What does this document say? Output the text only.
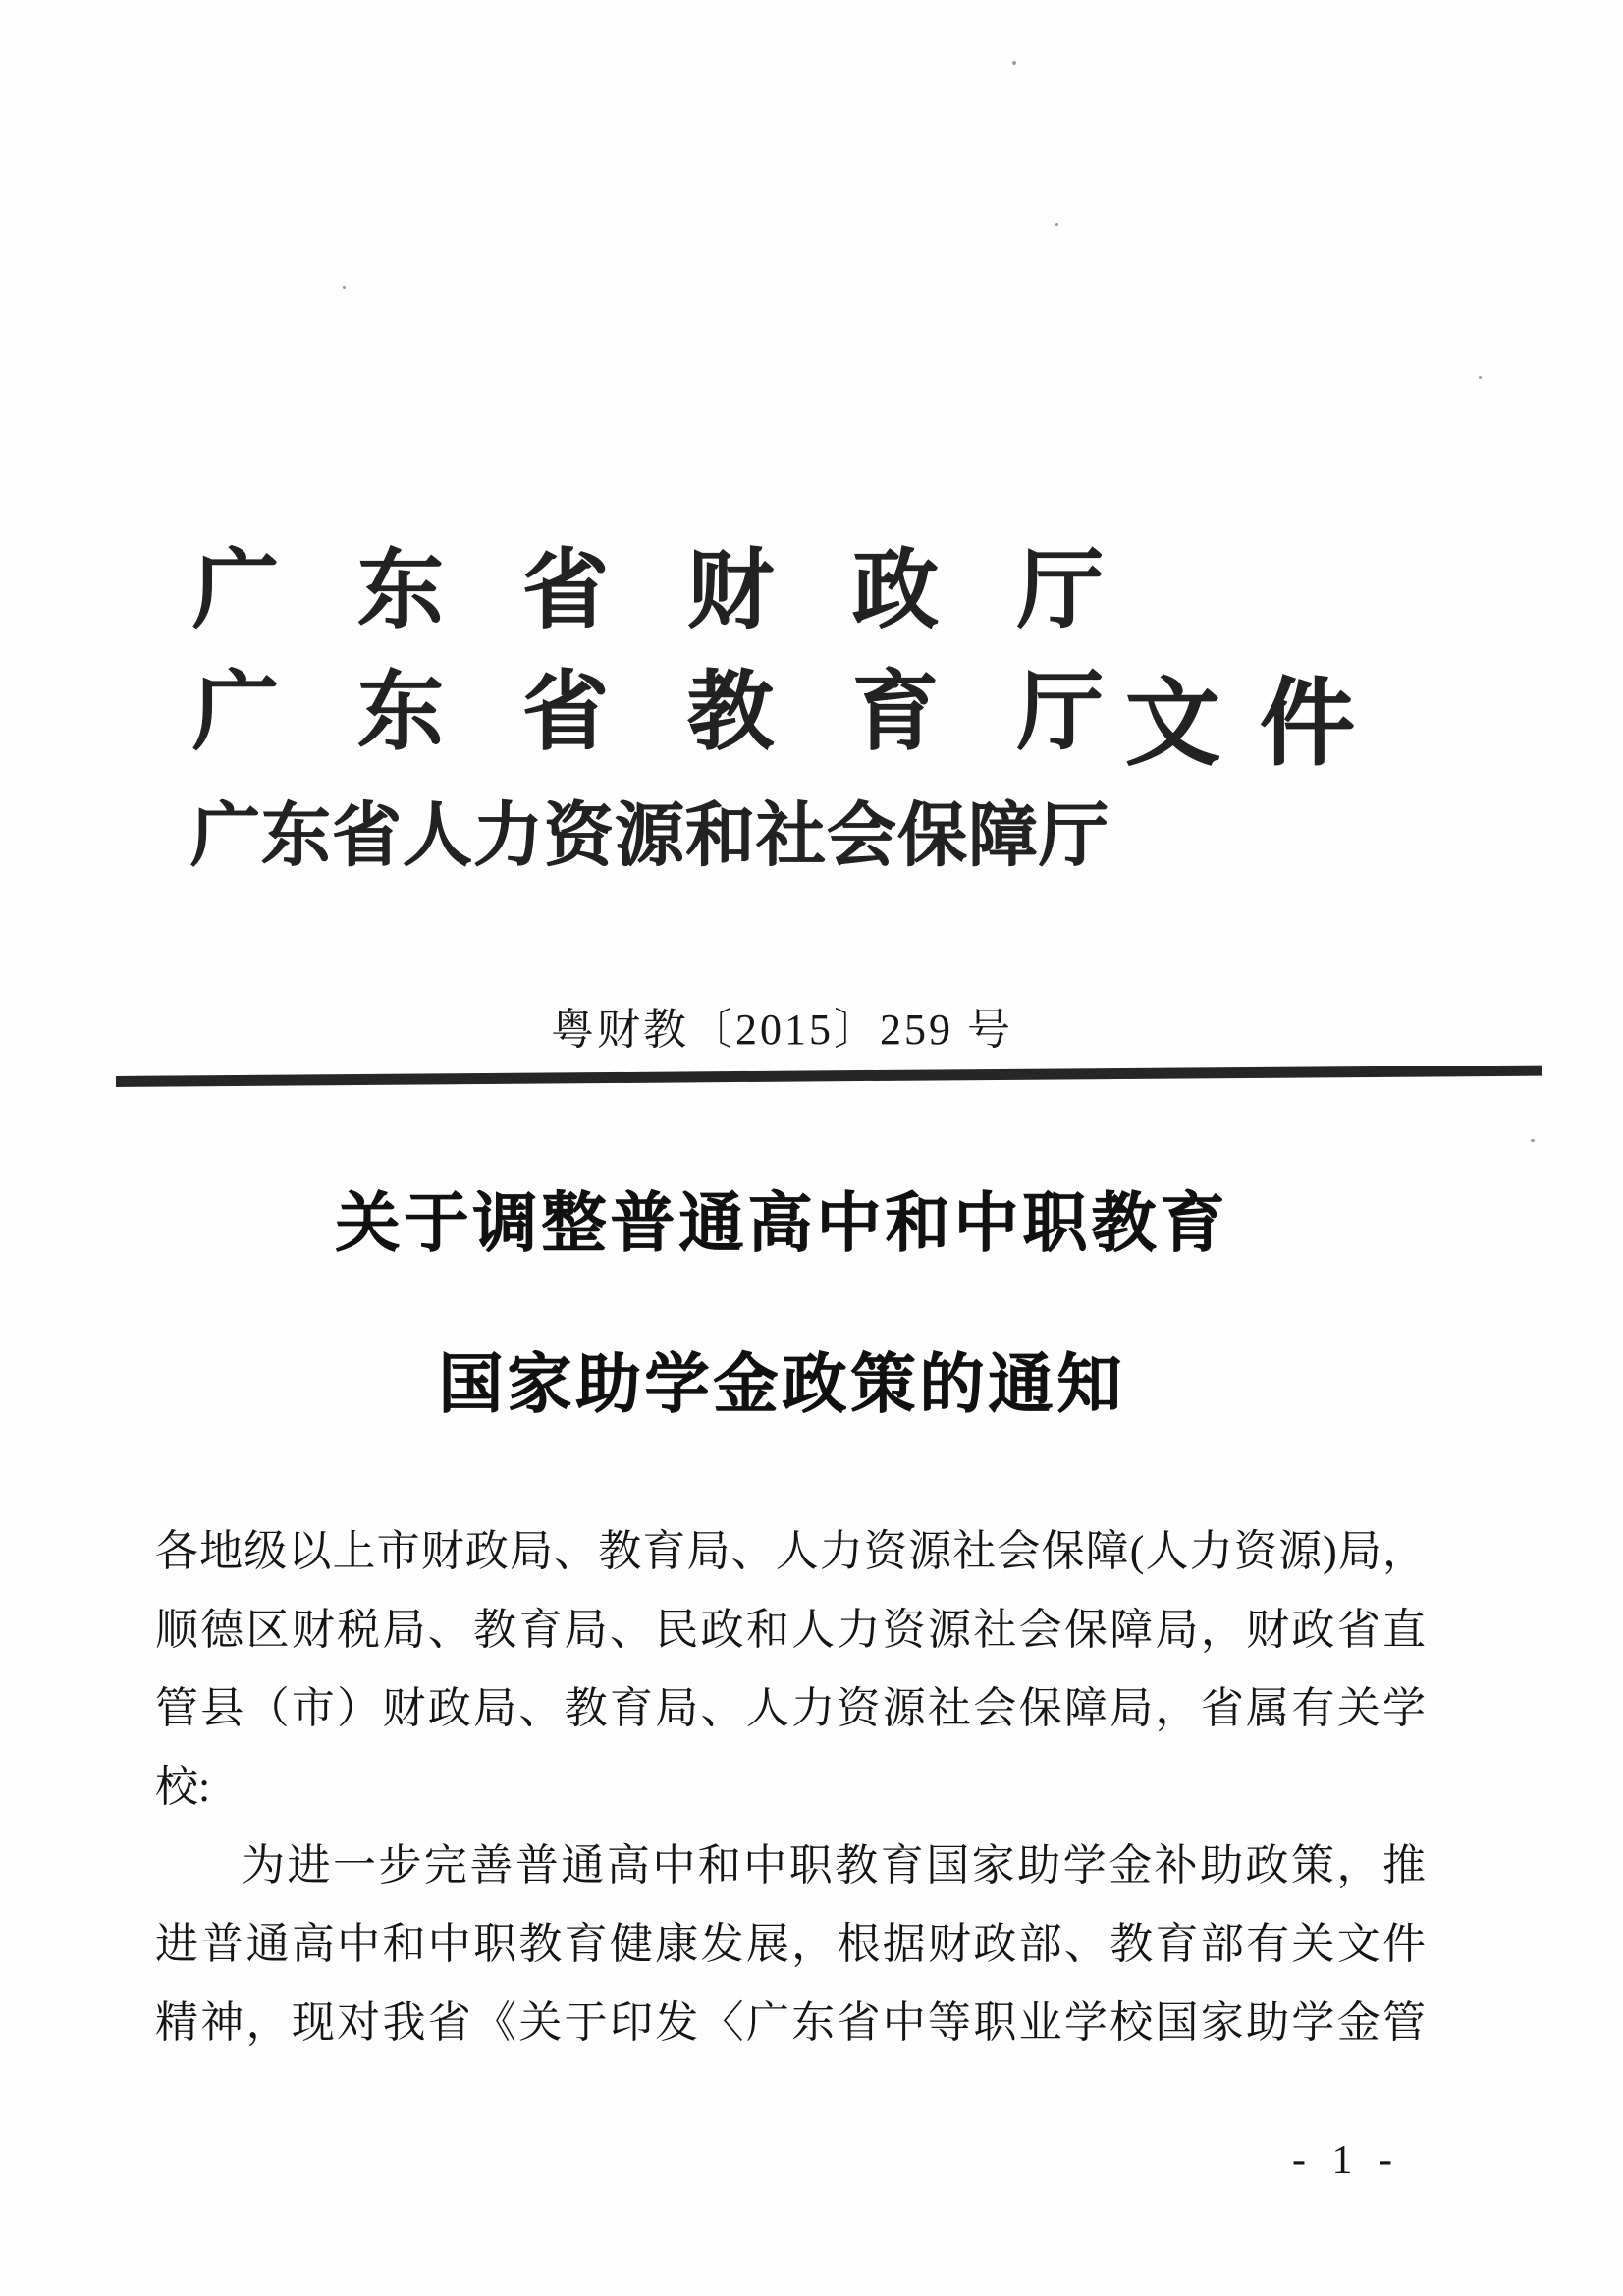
广东省财政厅
广东省教育厅
文件
广东省人力资源和社会保障厅
粤财教〔2015〕259 号
关于调整普通高中和中职教育
国家助学金政策的通知

各地级以上市财政局、教育局、人力资源社会保障(人力资源)局，

顺德区财税局、教育局、民政和人力资源社会保障局，财政省直

管县（市）财政局、教育局、人力资源社会保障局，省属有关学

校:

为进一步完善普通高中和中职教育国家助学金补助政策，推

进普通高中和中职教育健康发展，根据财政部、教育部有关文件

精神，现对我省《关于印发〈广东省中等职业学校国家助学金管

- 1 -
